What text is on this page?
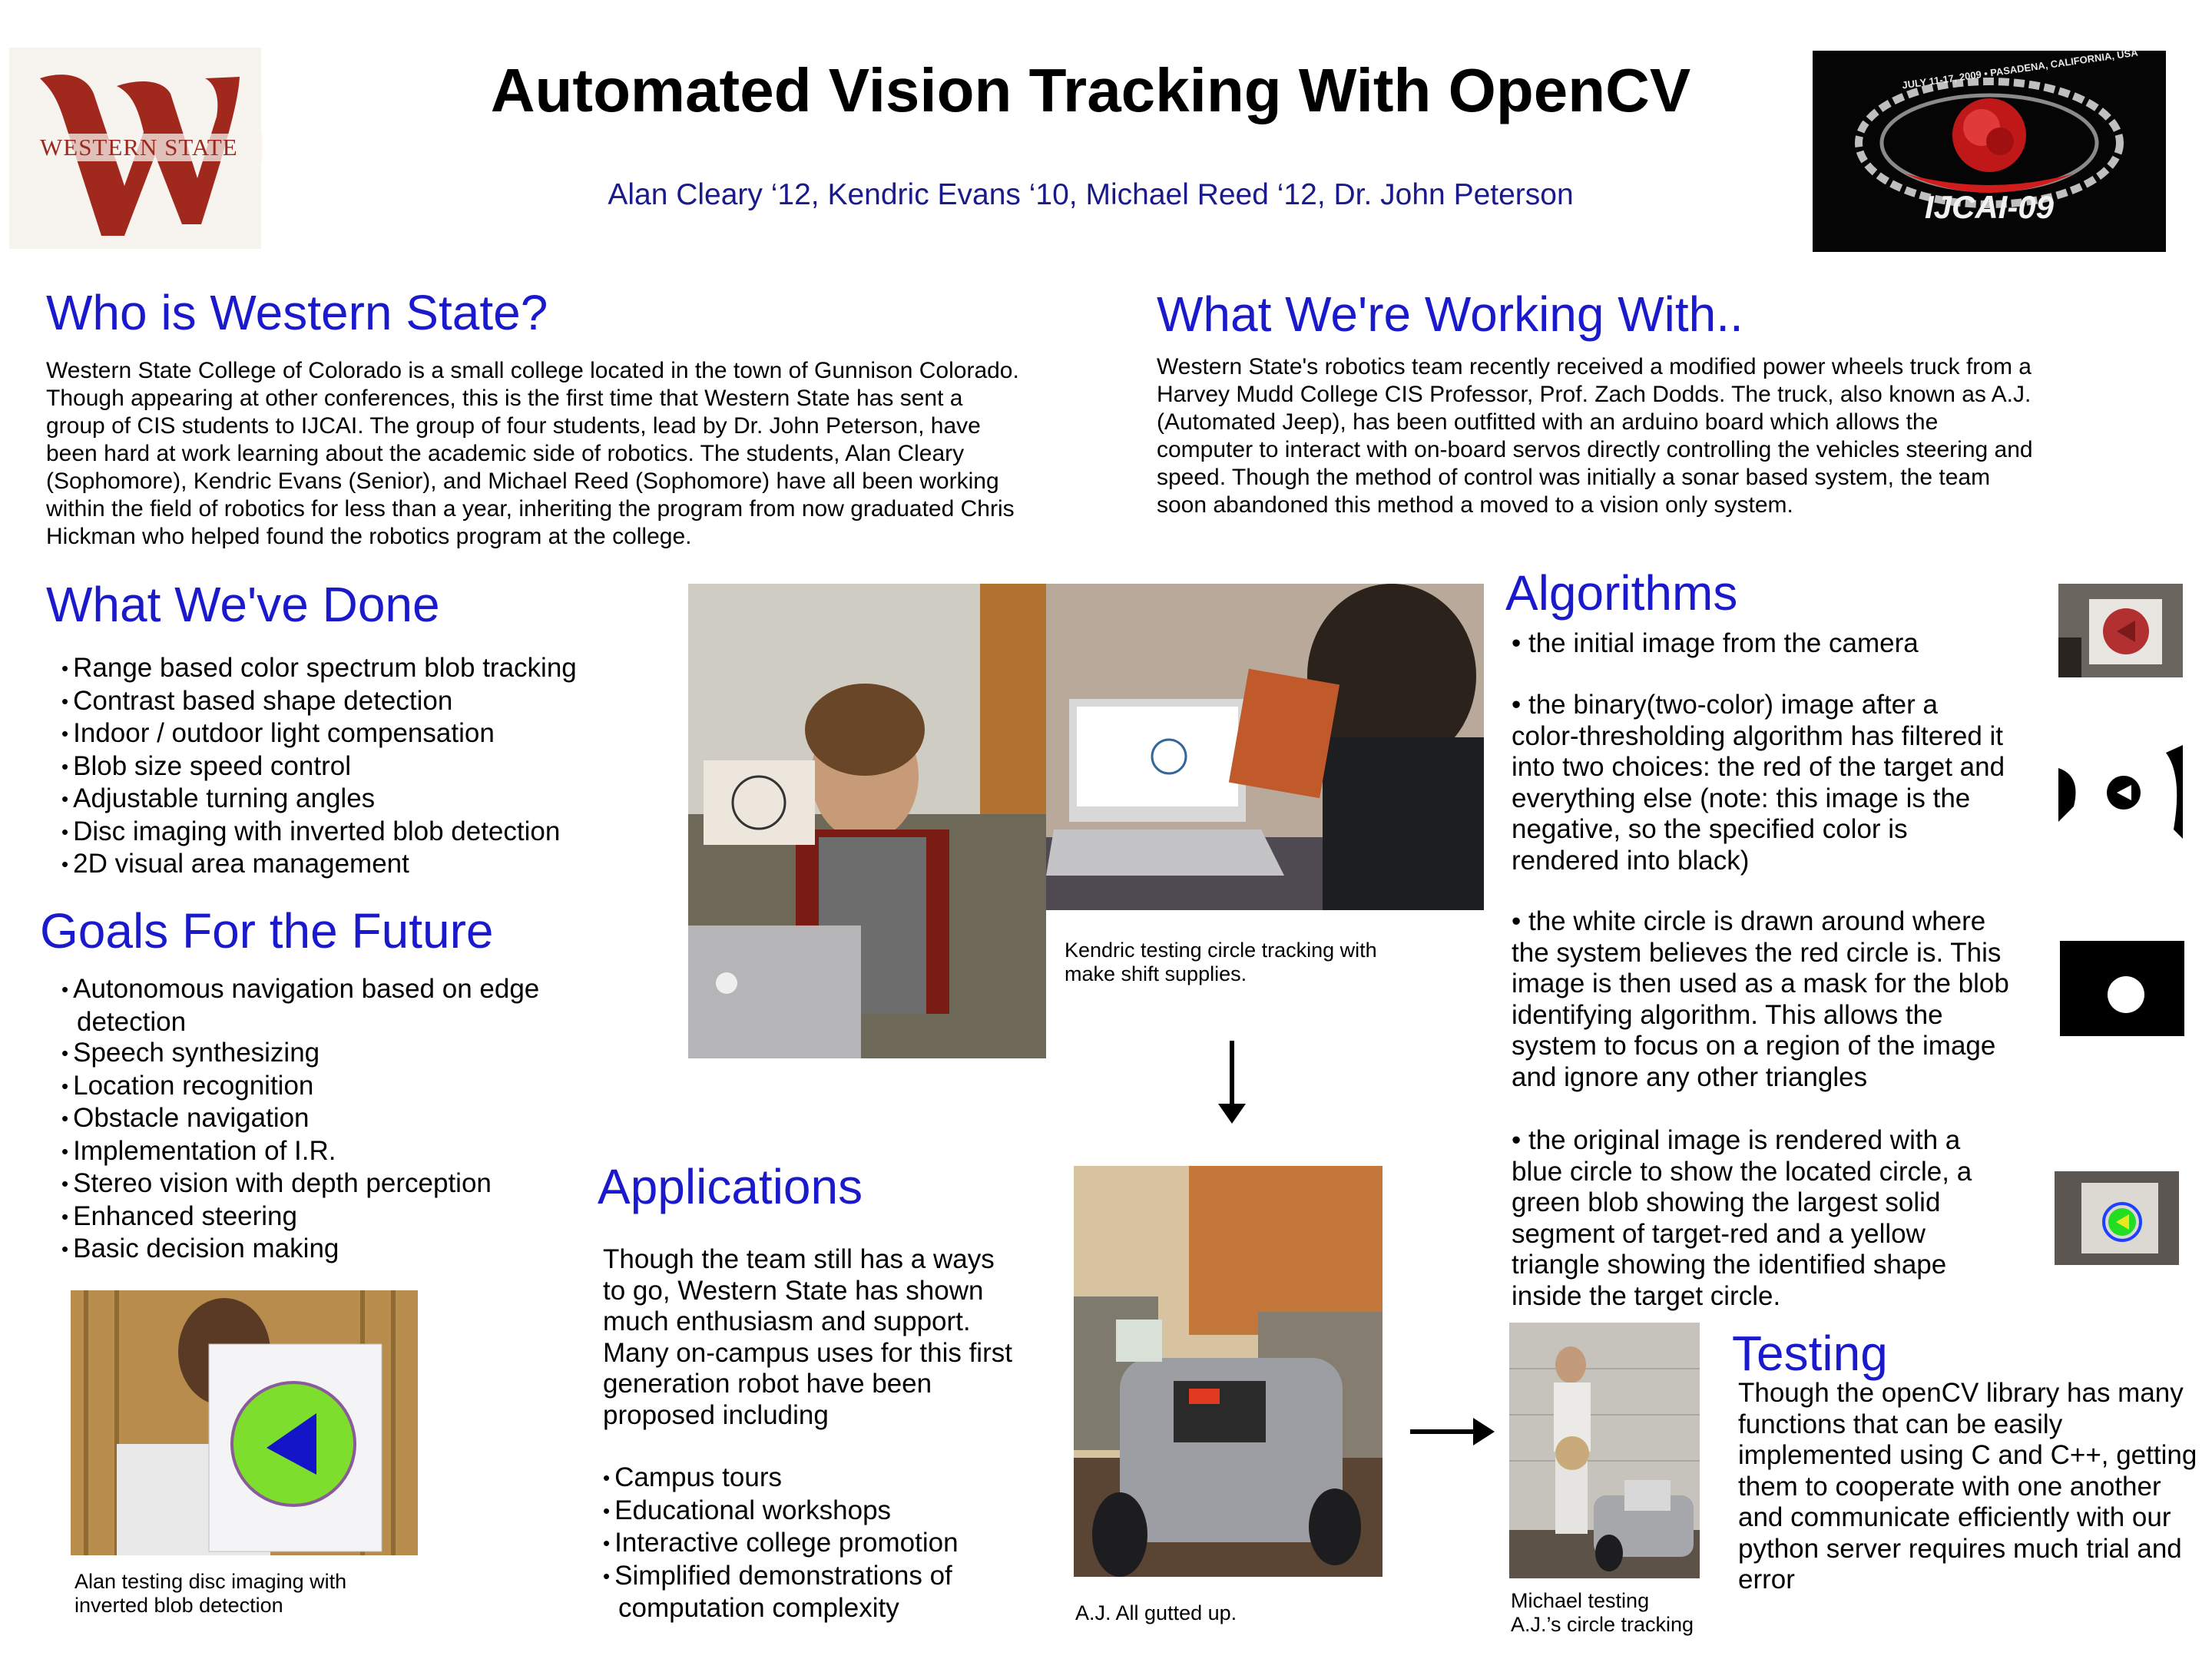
WESTERN STATE
Automated Vision Tracking With OpenCV
Alan Cleary ‘12, Kendric Evans ‘10, Michael Reed ‘12, Dr. John Peterson	IJCAI-09
JULY 11-17, 2009 • PASADENA, CALIFORNIA, USA
Who is Western State?
Western State College of Colorado is a small college located in the town of Gunnison Colorado.
Though appearing at other conferences, this is the first time that Western State has sent a
group of CIS students to IJCAI. The group of four students, lead by Dr. John Peterson, have
been hard at work learning about the academic side of robotics. The students, Alan Cleary
(Sophomore), Kendric Evans (Senior), and Michael Reed (Sophomore) have all been working
within the field of robotics for less than a year, inheriting the program from now graduated Chris
Hickman who helped found the robotics program at the college.
What We're Working With..
Western State's robotics team recently received a modified power wheels truck from a
Harvey Mudd College CIS Professor, Prof. Zach Dodds. The truck, also known as A.J.
(Automated Jeep), has been outfitted with an arduino board which allows the
computer to interact with on-board servos directly controlling the vehicles steering and
speed. Though the method of control was initially a sonar based system, the team
soon abandoned this method a moved to a vision only system.
What We've Done
• Range based color spectrum blob tracking
• Contrast based shape detection
• Indoor / outdoor light compensation
• Blob size speed control
• Adjustable turning angles
• Disc imaging with inverted blob detection
• 2D visual area management
Goals For the Future
• Autonomous navigation based on edge detection
• Speech synthesizing
• Location recognition
• Obstacle navigation
• Implementation of I.R.
• Stereo vision with depth perception
• Enhanced steering
• Basic decision making
Alan testing disc imaging with
inverted blob detection
Kendric testing circle tracking with
make shift supplies.
Applications
Though the team still has a ways
to go, Western State has shown
much enthusiasm and support.
Many on-campus uses for this first
generation robot have been
proposed including
• Campus tours
• Educational workshops
• Interactive college promotion
• Simplified demonstrations of computation complexity	A.J. All gutted up.
Michael testing
A.J.’s circle tracking
Algorithms
• the initial image from the camera
• the binary(two-color) image after a
color-thresholding algorithm has filtered it
into two choices: the red of the target and
everything else (note: this image is the
negative, so the specified color is
rendered into black)
• the white circle is drawn around where
the system believes the red circle is. This
image is then used as a mask for the blob
identifying algorithm. This allows the
system to focus on a region of the image
and ignore any other triangles
• the original image is rendered with a
blue circle to show the located circle, a
green blob showing the largest solid
segment of target-red and a yellow
triangle showing the identified shape
inside the target circle.
Testing
Though the openCV library has many
functions that can be easily
implemented using C and C++, getting
them to cooperate with one another
and communicate efficiently with our
python server requires much trial and
error
